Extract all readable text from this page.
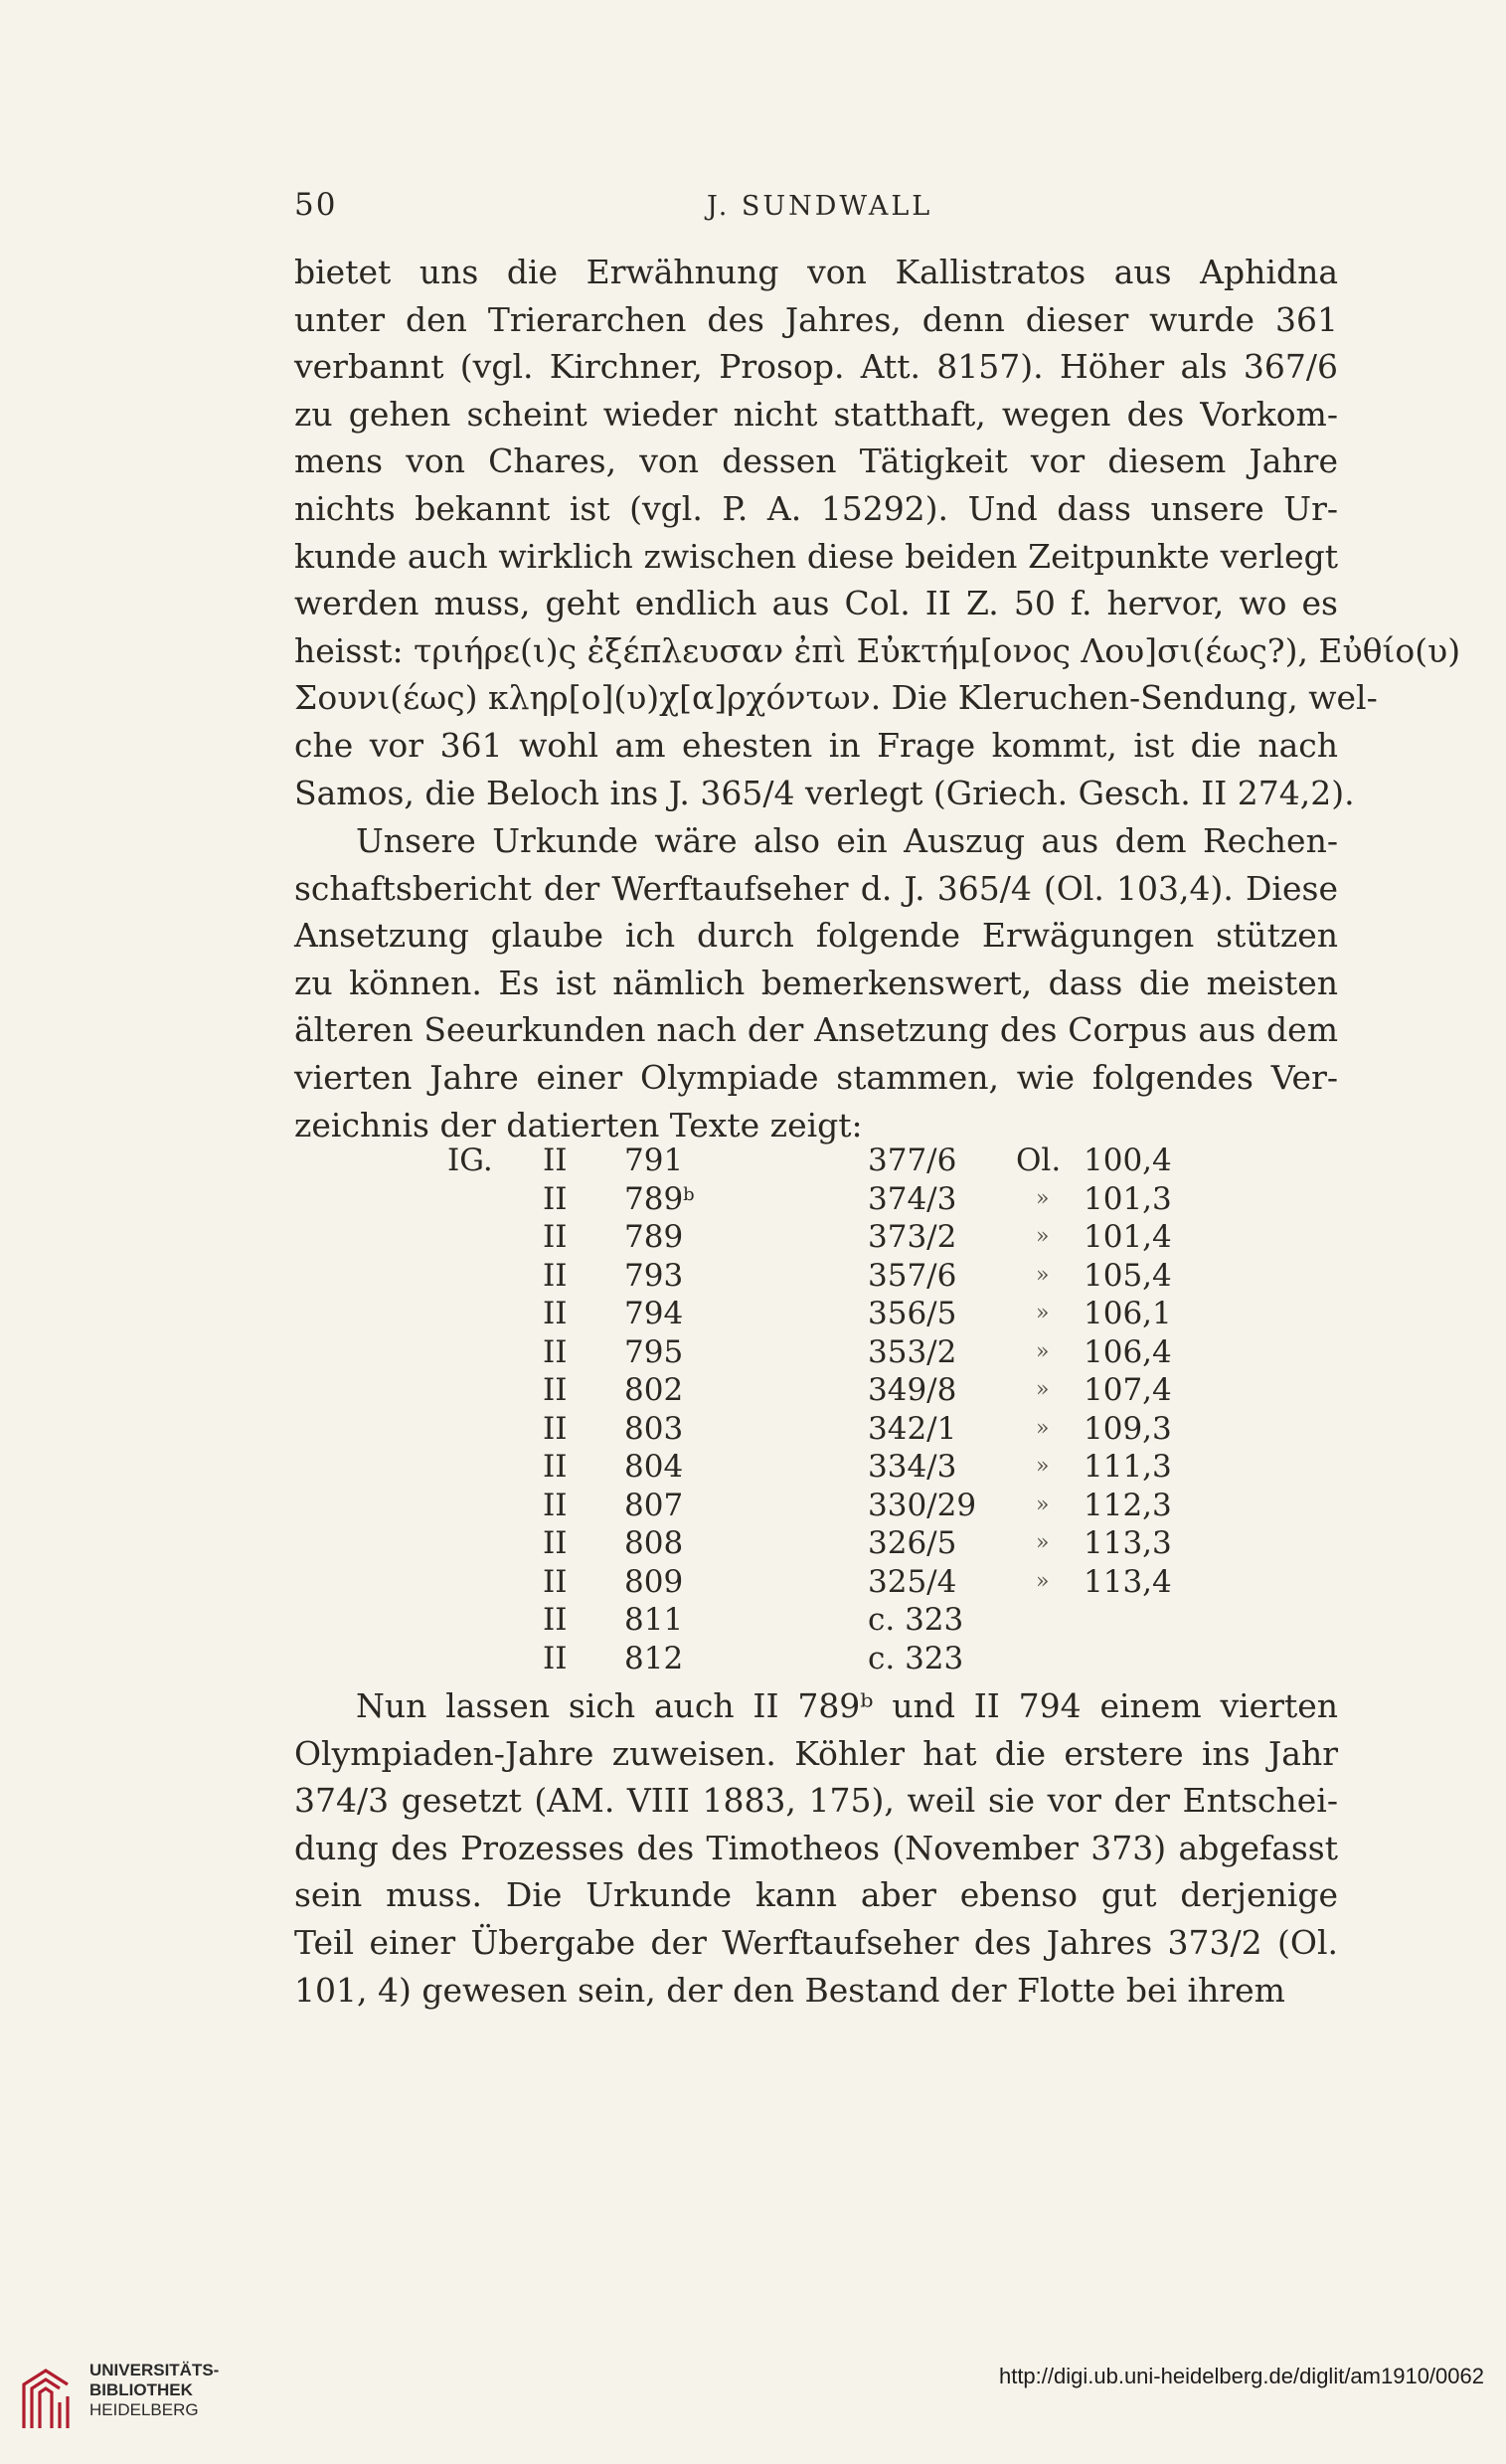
50	J. SUNDWALL
bietet uns die Erwähnung von Kallistratos aus Aphidna
unter den Trierarchen des Jahres, denn dieser wurde 361
verbannt (vgl. Kirchner, Prosop. Att. 8157). Höher als 367/6
zu gehen scheint wieder nicht statthaft, wegen des Vorkom-
mens von Chares, von dessen Tätigkeit vor diesem Jahre
nichts bekannt ist (vgl. P. A. 15292). Und dass unsere Ur-
kunde auch wirklich zwischen diese beiden Zeitpunkte verlegt
werden muss, geht endlich aus Col. II Z. 50 f. hervor, wo es
heisst: τριήρε(ι)ς ἐξέπλευσαν ἐπὶ Εὐκτήμ[ονος Λου]σι(έως?), Εὐθίο(υ)
Σουνι(έως) κληρ[ο](υ)χ[α]ρχόντων. Die Kleruchen-Sendung, wel-
che vor 361 wohl am ehesten in Frage kommt, ist die nach
Samos, die Beloch ins J. 365/4 verlegt (Griech. Gesch. II 274,2).
Unsere Urkunde wäre also ein Auszug aus dem Rechen-
schaftsbericht der Werftaufseher d. J. 365/4 (Ol. 103,4). Diese
Ansetzung glaube ich durch folgende Erwägungen stützen
zu können. Es ist nämlich bemerkenswert, dass die meisten
älteren Seeurkunden nach der Ansetzung des Corpus aus dem
vierten Jahre einer Olympiade stammen, wie folgendes Ver-
zeichnis der datierten Texte zeigt:
IG. II 791	377/6 Ol. 100,4
II 789$^b$	374/3	» 101,3
II 789	373/2	» 101,4
II 793	357/6	» 105,4
II 794	356/5	» 106,1
II 795	353/2	» 106,4
II 802	349/8	» 107,4
II 803	342/1	» 109,3
II 804	334/3	» 111,3
II 807	330/29	» 112,3
II 808	326/5	» 113,3
II 809	325/4	» 113,4
II 811	c. 323
II 812	c. 323
Nun lassen sich auch II 789ᵇ und II 794 einem vierten
Olympiaden-Jahre zuweisen. Köhler hat die erstere ins Jahr
374/3 gesetzt (AM. VIII 1883, 175), weil sie vor der Entschei-
dung des Prozesses des Timotheos (November 373) abgefasst
sein muss. Die Urkunde kann aber ebenso gut derjenige
Teil einer Übergabe der Werftaufseher des Jahres 373/2 (Ol.
101, 4) gewesen sein, der den Bestand der Flotte bei ihrem
UNIVERSITÄTS-
BIBLIOTHEK
HEIDELBERG
http://digi.ub.uni-heidelberg.de/diglit/am1910/0062
